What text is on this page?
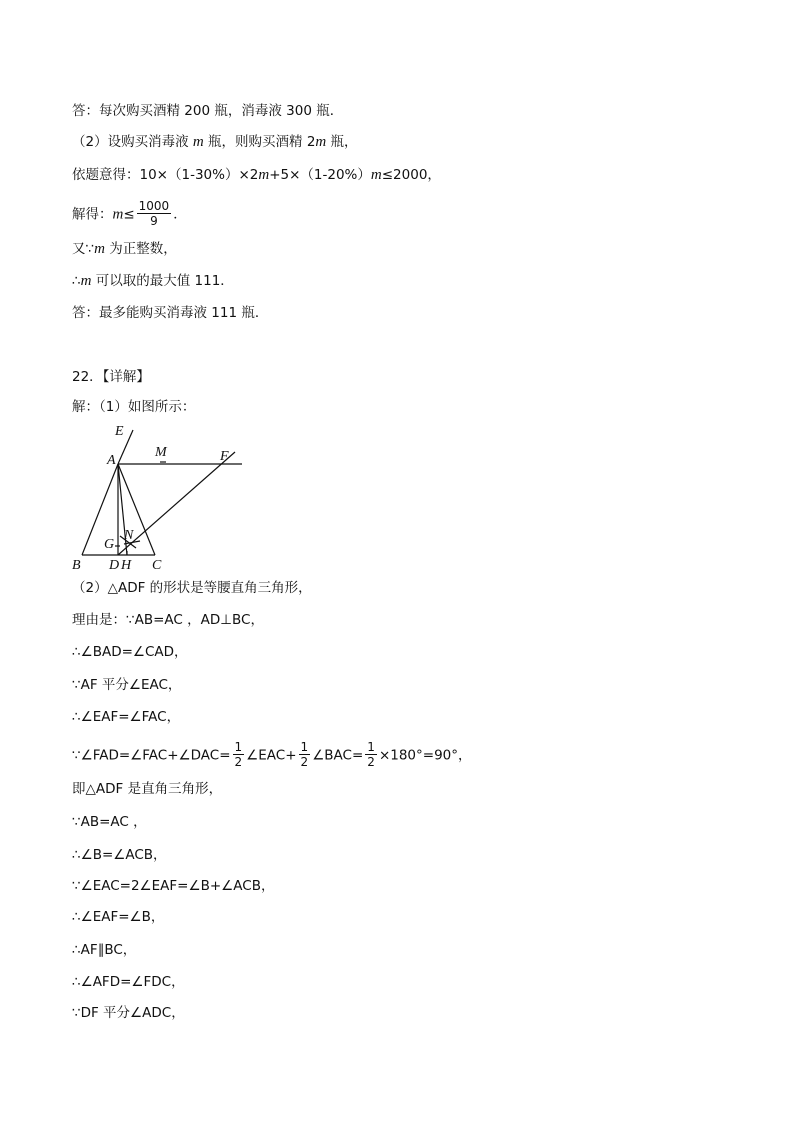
答：每次购买酒精 200 瓶，消毒液 300 瓶．
（2）设购买消毒液 m 瓶，则购买酒精 2m 瓶，
依题意得：10×（1-30%）×2m+5×（1-20%）m≤2000，
解得：$m\le \frac{1000}{9}$ ．
又∵m 为正整数，
∴m 可以取的最大值 111．
答：最多能购买消毒液 111 瓶．
22．【详解】
解：（1）如图所示：
E
A
M	F
G
N
B D H C
（2）△ADF 的形状是等腰直角三角形，
理由是：∵AB=AC ，AD⊥BC，
∴∠BAD=∠CAD，
∵AF 平分∠EAC，
∴∠EAF=∠FAC，
∵∠FAD=∠FAC+∠DAC= $\frac{1}{2}$ ∠EAC+ $\frac{1}{2}$ ∠BAC= $\frac{1}{2} \times 180^\circ=90^\circ$，
即△ADF 是直角三角形，
∵AB=AC ，
∴∠B=∠ACB，
∵∠EAC=2∠EAF=∠B+∠ACB，
∴∠EAF=∠B，
∴AF∥BC，
∴∠AFD=∠FDC，
∵DF 平分∠ADC，
